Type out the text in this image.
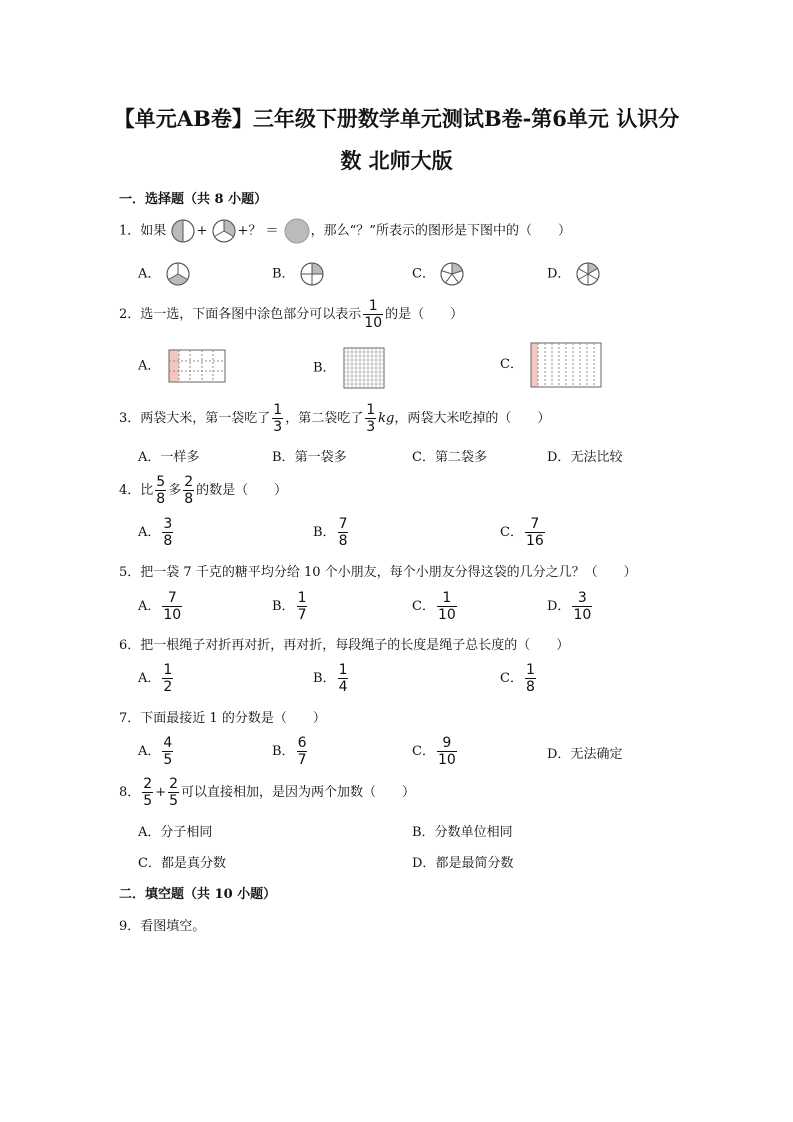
【单元AB卷】三年级下册数学单元测试B卷-第6单元 认识分
数 北师大版
一．选择题（共 8 小题）
1．如果 + +？ ＝ ，那么“？”所表示的图形是下图中的（　　）
A．	B．	C．	D．
2．选一选，下面各图中涂色部分可以表示 $\frac{1}{10}$ 的是（　　）
A．	B．	C．
3．两袋大米，第一袋吃了 $\frac{1}{3}$ ，第二袋吃了 $\frac{1}{3}$ kg，两袋大米吃掉的（　　）
A．一样多	B．第一袋多	C．第二袋多	D．无法比较
4．比 $\frac{5}{8}$ 多 $\frac{2}{8}$ 的数是（　　）
A． $\frac{3}{8}$	B． $\frac{7}{8}$	C． $\frac{7}{16}$
5．把一袋 7 千克的糖平均分给 10 个小朋友，每个小朋友分得这袋的几分之几？（　　）
A． $\frac{7}{10}$	B． $\frac{1}{7}$	C． $\frac{1}{10}$	D． $\frac{3}{10}$
6．把一根绳子对折再对折，再对折，每段绳子的长度是绳子总长度的（　　）
A． $\frac{1}{2}$	B． $\frac{1}{4}$	C． $\frac{1}{8}$
7．下面最接近 1 的分数是（　　）
A． $\frac{4}{5}$	B． $\frac{6}{7}$	C． $\frac{9}{10}$	D．无法确定
8． $\frac{2}{5} + \frac{2}{5}$ 可以直接相加，是因为两个加数（　　）
A．分子相同	B．分数单位相同
C．都是真分数	D．都是最简分数
二．填空题（共 10 小题）
9．看图填空。
